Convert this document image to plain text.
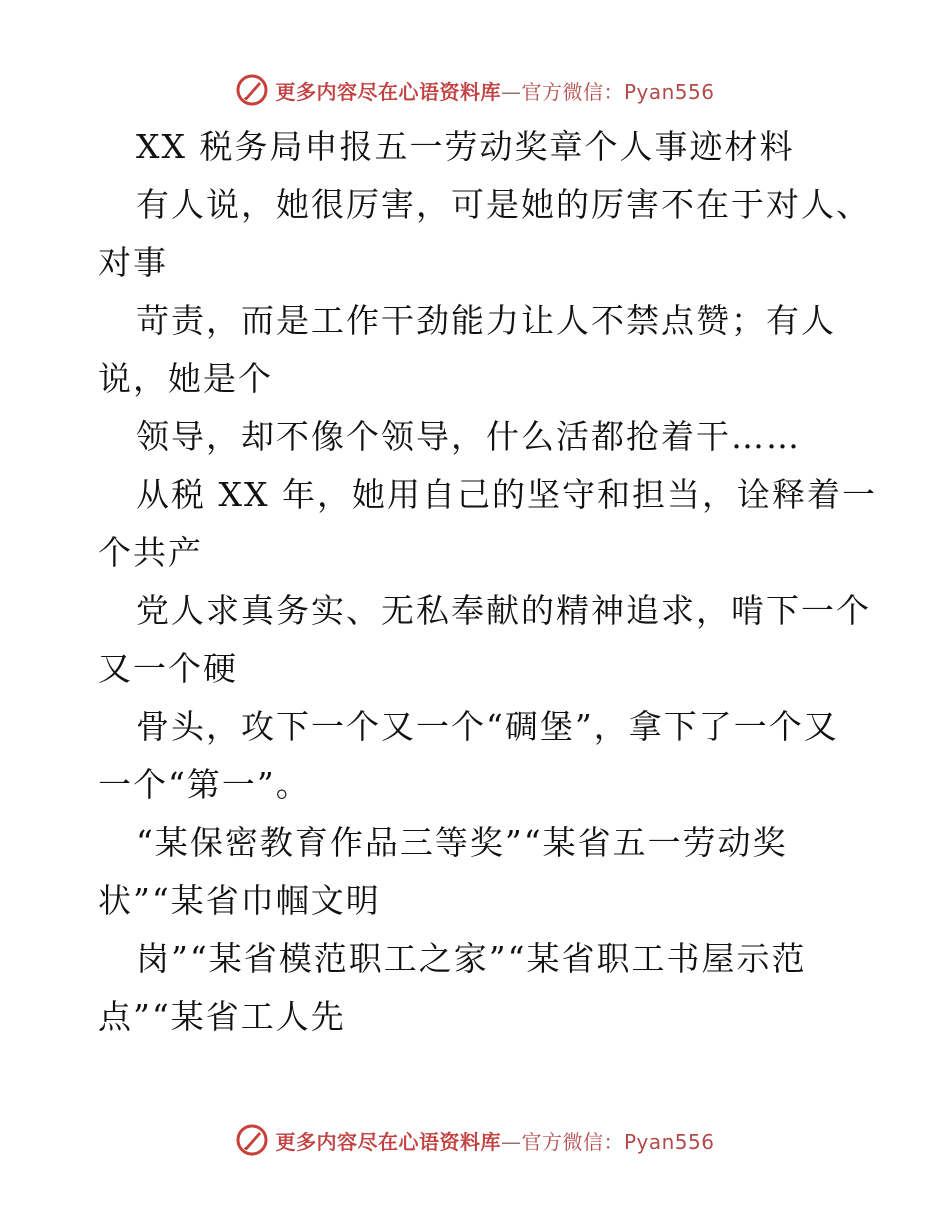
更多内容尽在心语资料库—官方微信：Pyan556
XX 税务局申报五一劳动奖章个人事迹材料
有人说，她很厉害，可是她的厉害不在于对人、
对事
苛责，而是工作干劲能力让人不禁点赞；有人
说，她是个
领导，却不像个领导，什么活都抢着干……
从税 XX 年，她用自己的坚守和担当，诠释着一
个共产
党人求真务实、无私奉献的精神追求，啃下一个
又一个硬
骨头，攻下一个又一个“碉堡”，拿下了一个又
一个“第一”。
“某保密教育作品三等奖”“某省五一劳动奖
状”“某省巾帼文明
岗”“某省模范职工之家”“某省职工书屋示范
点”“某省工人先
更多内容尽在心语资料库—官方微信：Pyan556
